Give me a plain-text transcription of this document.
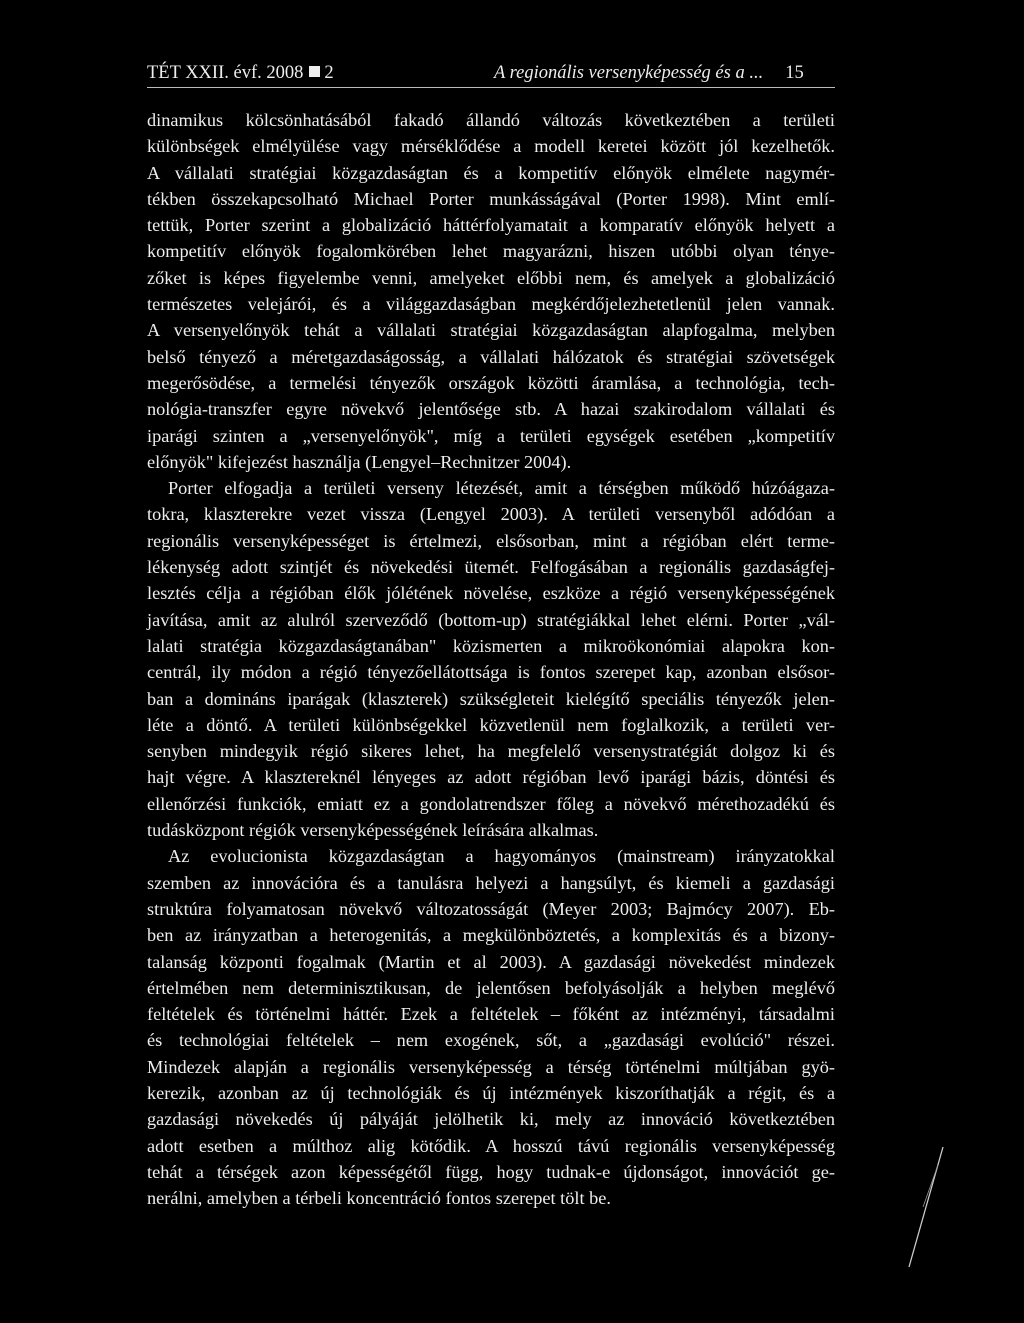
TÉT XXII. évf. 2008 2	A regionális versenyképesség és a ... 15

dinamikus kölcsönhatásából fakadó állandó változás következtében a területi
különbségek elmélyülése vagy mérséklődése a modell keretei között jól kezelhetők.
A vállalati stratégiai közgazdaságtan és a kompetitív előnyök elmélete nagymér-
tékben összekapcsolható Michael Porter munkásságával (Porter 1998). Mint emlí-
tettük, Porter szerint a globalizáció háttérfolyamatait a komparatív előnyök helyett a
kompetitív előnyök fogalomkörében lehet magyarázni, hiszen utóbbi olyan ténye-
zőket is képes figyelembe venni, amelyeket előbbi nem, és amelyek a globalizáció
természetes velejárói, és a világgazdaságban megkérdőjelezhetetlenül jelen vannak.
A versenyelőnyök tehát a vállalati stratégiai közgazdaságtan alapfogalma, melyben
belső tényező a méretgazdaságosság, a vállalati hálózatok és stratégiai szövetségek
megerősödése, a termelési tényezők országok közötti áramlása, a technológia, tech-
nológia-transzfer egyre növekvő jelentősége stb. A hazai szakirodalom vállalati és
iparági szinten a „versenyelőnyök", míg a területi egységek esetében „kompetitív
előnyök" kifejezést használja (Lengyel–Rechnitzer 2004).
Porter elfogadja a területi verseny létezését, amit a térségben működő húzóágaza-
tokra, klaszterekre vezet vissza (Lengyel 2003). A területi versenyből adódóan a
regionális versenyképességet is értelmezi, elsősorban, mint a régióban elért terme-
lékenység adott szintjét és növekedési ütemét. Felfogásában a regionális gazdaságfej-
lesztés célja a régióban élők jólétének növelése, eszköze a régió versenyképességének
javítása, amit az alulról szerveződő (bottom-up) stratégiákkal lehet elérni. Porter „vál-
lalati stratégia közgazdaságtanában" közismerten a mikroökonómiai alapokra kon-
centrál, ily módon a régió tényezőellátottsága is fontos szerepet kap, azonban elsősor-
ban a domináns iparágak (klaszterek) szükségleteit kielégítő speciális tényezők jelen-
léte a döntő. A területi különbségekkel közvetlenül nem foglalkozik, a területi ver-
senyben mindegyik régió sikeres lehet, ha megfelelő versenystratégiát dolgoz ki és
hajt végre. A klasztereknél lényeges az adott régióban levő iparági bázis, döntési és
ellenőrzési funkciók, emiatt ez a gondolatrendszer főleg a növekvő mérethozadékú és
tudásközpont régiók versenyképességének leírására alkalmas.
Az evolucionista közgazdaságtan a hagyományos (mainstream) irányzatokkal
szemben az innovációra és a tanulásra helyezi a hangsúlyt, és kiemeli a gazdasági
struktúra folyamatosan növekvő változatosságát (Meyer 2003; Bajmócy 2007). Eb-
ben az irányzatban a heterogenitás, a megkülönböztetés, a komplexitás és a bizony-
talanság központi fogalmak (Martin et al 2003). A gazdasági növekedést mindezek
értelmében nem determinisztikusan, de jelentősen befolyásolják a helyben meglévő
feltételek és történelmi háttér. Ezek a feltételek – főként az intézményi, társadalmi
és technológiai feltételek – nem exogének, sőt, a „gazdasági evolúció" részei.
Mindezek alapján a regionális versenyképesség a térség történelmi múltjában gyö-
kerezik, azonban az új technológiák és új intézmények kiszoríthatják a régit, és a
gazdasági növekedés új pályáját jelölhetik ki, mely az innováció következtében
adott esetben a múlthoz alig kötődik. A hosszú távú regionális versenyképesség
tehát a térségek azon képességétől függ, hogy tudnak-e újdonságot, innovációt ge-
nerálni, amelyben a térbeli koncentráció fontos szerepet tölt be.
